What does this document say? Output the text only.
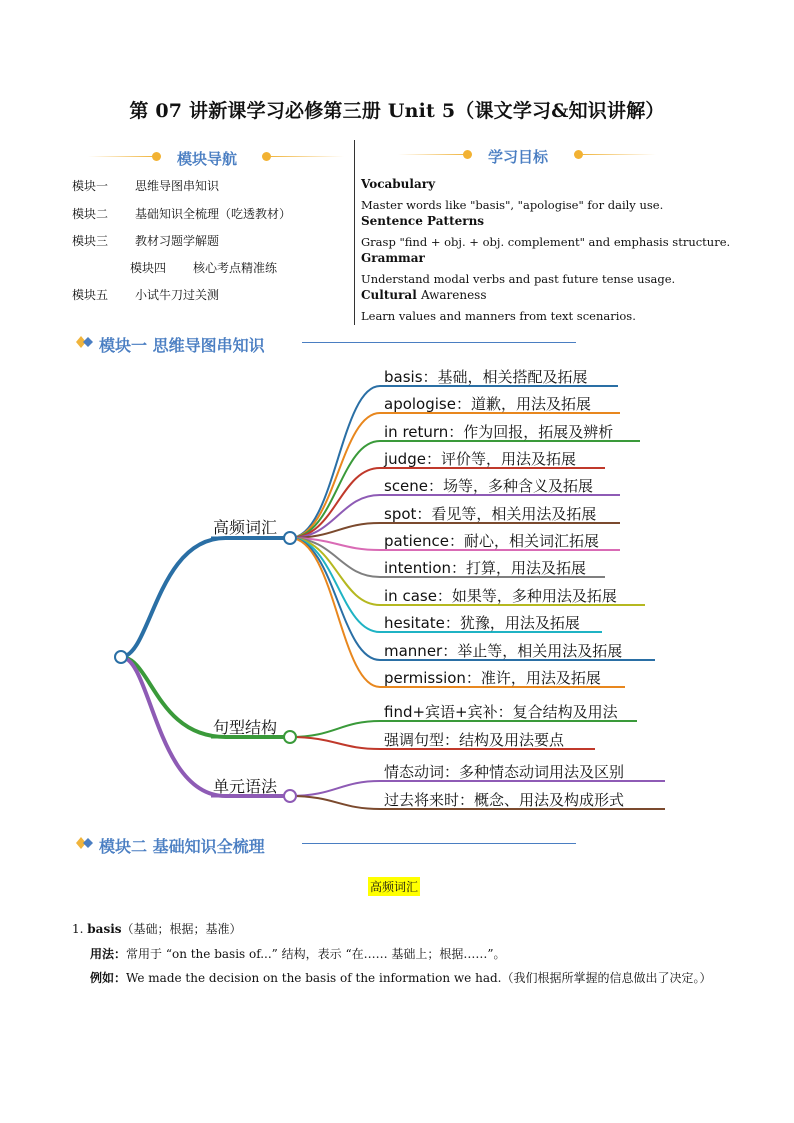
第 07 讲新课学习必修第三册 Unit 5（课文学习&知识讲解）
模块导航
模块一 思维导图串知识
模块二 基础知识全梳理（吃透教材）
模块三 教材习题学解题
模块四 核心考点精准练
模块五 小试牛刀过关测
学习目标
Vocabulary
Master words like "basis", "apologise" for daily use.
Sentence Patterns
Grasp "find + obj. + obj. complement" and emphasis structure.
Grammar
Understand modal verbs and past future tense usage.
Cultural Awareness
Learn values and manners from text scenarios.
模块一 思维导图串知识
basis：基础，相关搭配及拓展
apologise：道歉，用法及拓展
in return：作为回报，拓展及辨析
judge：评价等，用法及拓展
scene：场等，多种含义及拓展
spot：看见等，相关用法及拓展
patience：耐心，相关词汇拓展
intention：打算，用法及拓展
in case：如果等，多种用法及拓展
hesitate：犹豫，用法及拓展
manner：举止等，相关用法及拓展
permission：准许，用法及拓展
高频词汇
find+宾语+宾补：复合结构及用法
强调句型：结构及用法要点
句型结构
情态动词：多种情态动词用法及区别
过去将来时：概念、用法及构成形式
单元语法
模块二 基础知识全梳理
高频词汇
1. basis（基础；根据；基准）
用法：常用于 “on the basis of...” 结构，表示 “在…… 基础上；根据……”。
例如：We made the decision on the basis of the information we had.（我们根据所掌握的信息做出了决定。）
